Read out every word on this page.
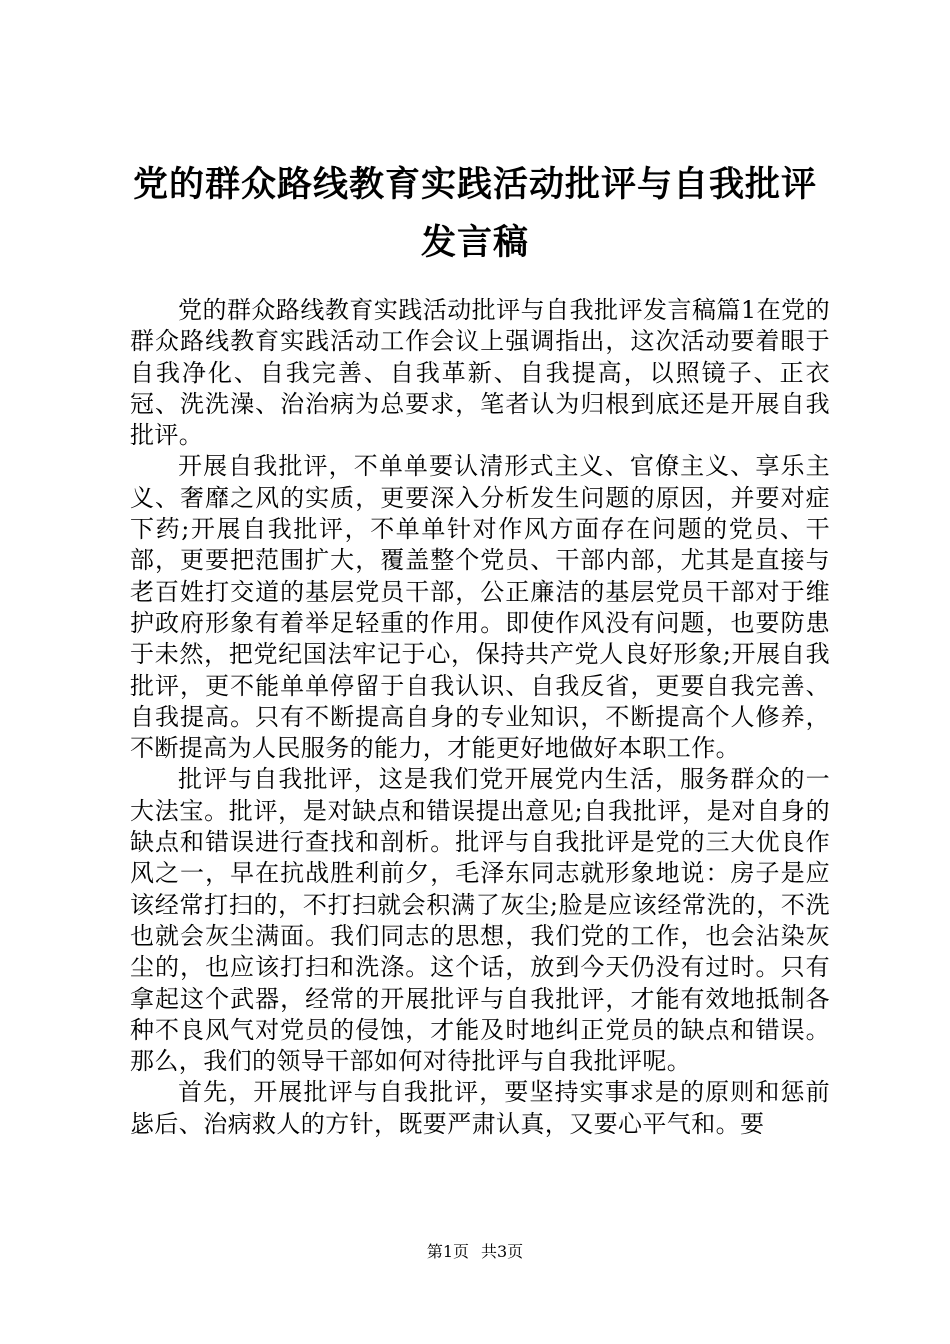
党的群众路线教育实践活动批评与自我批评发言稿

党的群众路线教育实践活动批评与自我批评发言稿篇1在党的群众路线教育实践活动工作会议上强调指出，这次活动要着眼于自我净化、自我完善、自我革新、自我提高，以照镜子、正衣冠、洗洗澡、治治病为总要求，笔者认为归根到底还是开展自我批评。

开展自我批评，不单单要认清形式主义、官僚主义、享乐主义、奢靡之风的实质，更要深入分析发生问题的原因，并要对症下药;开展自我批评，不单单针对作风方面存在问题的党员、干部，更要把范围扩大，覆盖整个党员、干部内部，尤其是直接与老百姓打交道的基层党员干部，公正廉洁的基层党员干部对于维护政府形象有着举足轻重的作用。即使作风没有问题，也要防患于未然，把党纪国法牢记于心，保持共产党人良好形象;开展自我批评，更不能单单停留于自我认识、自我反省，更要自我完善、自我提高。只有不断提高自身的专业知识，不断提高个人修养，不断提高为人民服务的能力，才能更好地做好本职工作。

批评与自我批评，这是我们党开展党内生活，服务群众的一大法宝。批评，是对缺点和错误提出意见;自我批评，是对自身的缺点和错误进行查找和剖析。批评与自我批评是党的三大优良作风之一，早在抗战胜利前夕，毛泽东同志就形象地说：房子是应该经常打扫的，不打扫就会积满了灰尘;脸是应该经常洗的，不洗也就会灰尘满面。我们同志的思想，我们党的工作，也会沾染灰尘的，也应该打扫和洗涤。这个话，放到今天仍没有过时。只有拿起这个武器，经常的开展批评与自我批评，才能有效地抵制各种不良风气对党员的侵蚀，才能及时地纠正党员的缺点和错误。那么，我们的领导干部如何对待批评与自我批评呢。

首先，开展批评与自我批评，要坚持实事求是的原则和惩前毖后、治病救人的方针，既要严肃认真，又要心平气和。要

第1页 共3页
